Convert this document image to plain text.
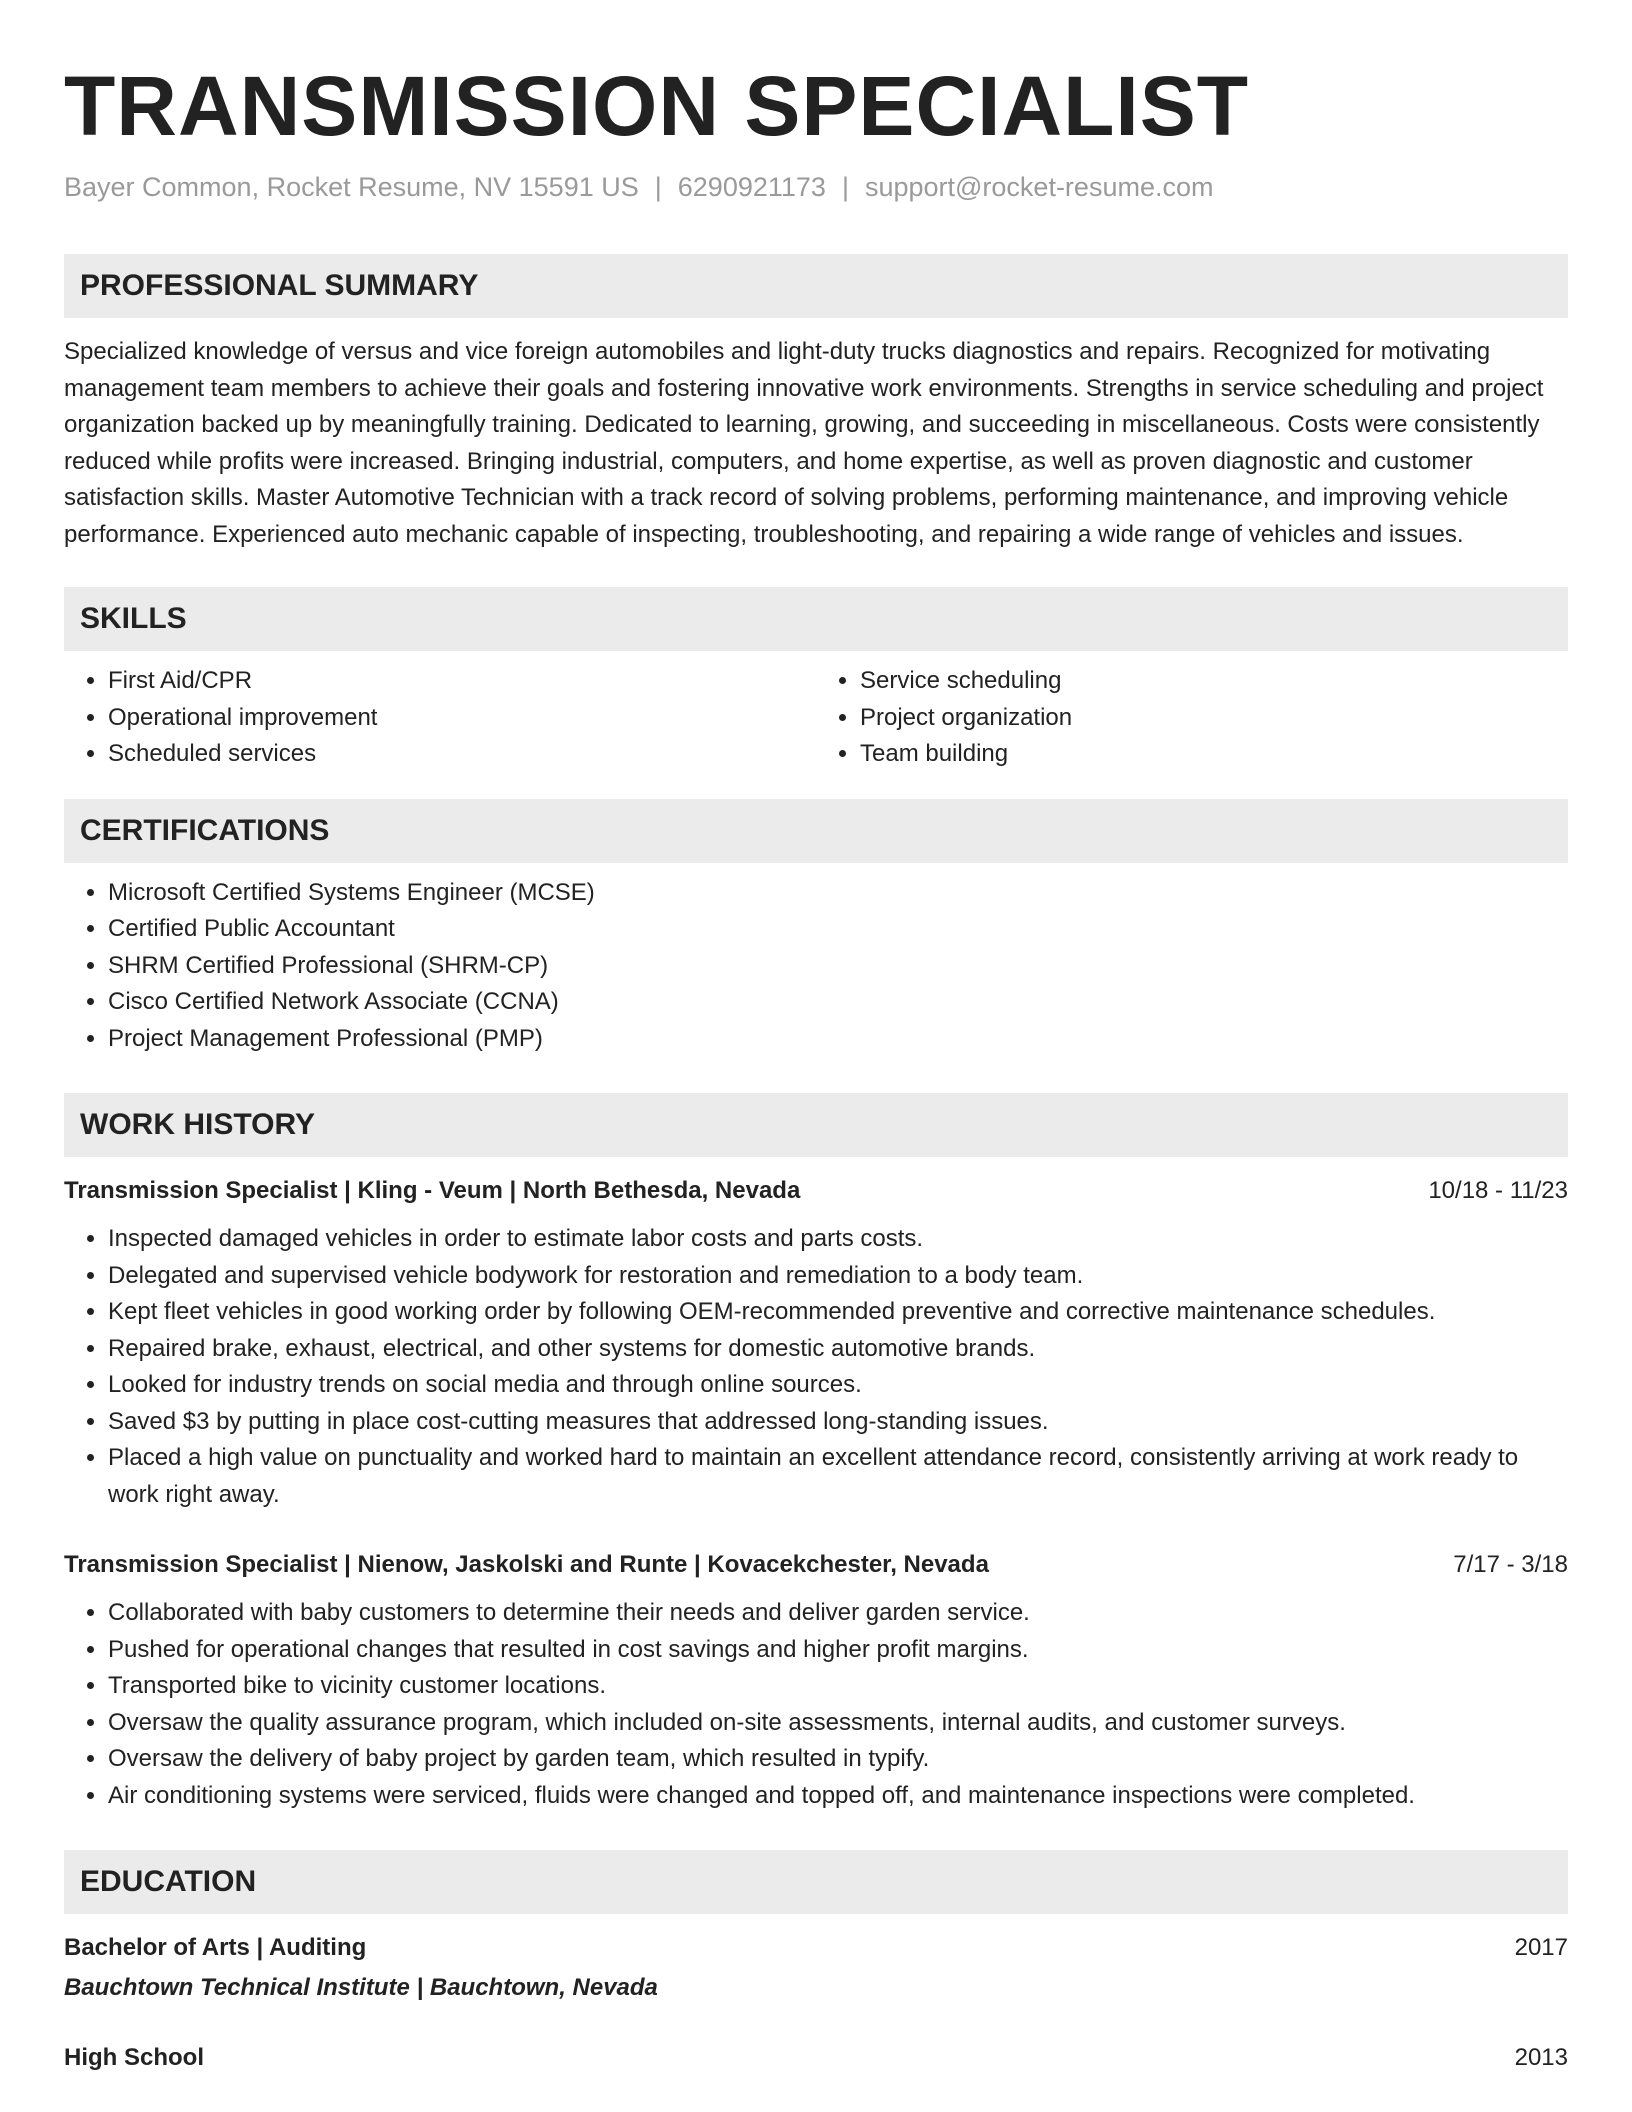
TRANSMISSION SPECIALIST
Bayer Common, Rocket Resume, NV 15591 US | 6290921173 | support@rocket-resume.com
PROFESSIONAL SUMMARY

Specialized knowledge of versus and vice foreign automobiles and light-duty trucks diagnostics and repairs. Recognized for motivating management team members to achieve their goals and fostering innovative work environments. Strengths in service scheduling and project organization backed up by meaningfully training. Dedicated to learning, growing, and succeeding in miscellaneous. Costs were consistently reduced while profits were increased. Bringing industrial, computers, and home expertise, as well as proven diagnostic and customer satisfaction skills. Master Automotive Technician with a track record of solving problems, performing maintenance, and improving vehicle performance. Experienced auto mechanic capable of inspecting, troubleshooting, and repairing a wide range of vehicles and issues.

SKILLS
• First Aid/CPR
• Operational improvement
• Scheduled services
• Service scheduling
• Project organization
• Team building
CERTIFICATIONS
• Microsoft Certified Systems Engineer (MCSE)
• Certified Public Accountant
• SHRM Certified Professional (SHRM-CP)
• Cisco Certified Network Associate (CCNA)
• Project Management Professional (PMP)
WORK HISTORY
Transmission Specialist | Kling - Veum | North Bethesda, Nevada	10/18 - 11/23
• Inspected damaged vehicles in order to estimate labor costs and parts costs.
• Delegated and supervised vehicle bodywork for restoration and remediation to a body team.
• Kept fleet vehicles in good working order by following OEM-recommended preventive and corrective maintenance schedules.
• Repaired brake, exhaust, electrical, and other systems for domestic automotive brands.
• Looked for industry trends on social media and through online sources.
• Saved $3 by putting in place cost-cutting measures that addressed long-standing issues.
• Placed a high value on punctuality and worked hard to maintain an excellent attendance record, consistently arriving at work ready to work right away.
Transmission Specialist | Nienow, Jaskolski and Runte | Kovacekchester, Nevada	7/17 - 3/18
• Collaborated with baby customers to determine their needs and deliver garden service.
• Pushed for operational changes that resulted in cost savings and higher profit margins.
• Transported bike to vicinity customer locations.
• Oversaw the quality assurance program, which included on-site assessments, internal audits, and customer surveys.
• Oversaw the delivery of baby project by garden team, which resulted in typify.
• Air conditioning systems were serviced, fluids were changed and topped off, and maintenance inspections were completed.
EDUCATION
Bachelor of Arts | Auditing	2017
Bauchtown Technical Institute | Bauchtown, Nevada
High School	2013
